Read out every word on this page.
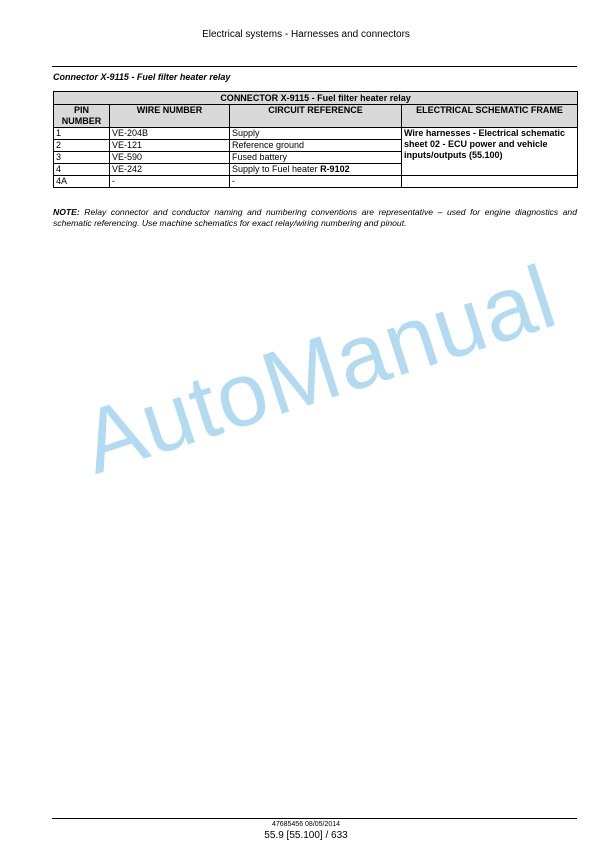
Electrical systems - Harnesses and connectors
Connector X-9115 - Fuel filter heater relay
CONNECTOR X-9115 - Fuel filter heater relay			
PIN NUMBER	WIRE NUMBER	CIRCUIT REFERENCE	ELECTRICAL SCHEMATIC FRAME
1	VE-204B	Supply	Wire harnesses - Electrical schematic sheet 02 - ECU power and vehicle inputs/outputs (55.100)
2	VE-121	Reference ground	
3	VE-590	Fused battery	
4	VE-242	Supply to Fuel heater R-9102	
4A	-	-	
NOTE: Relay connector and conductor naming and numbering conventions are representative – used for engine diagnostics and schematic referencing. Use machine schematics for exact relay/wiring numbering and pinout.
AutoManual
47685456 08/05/2014
55.9 [55.100] / 633
